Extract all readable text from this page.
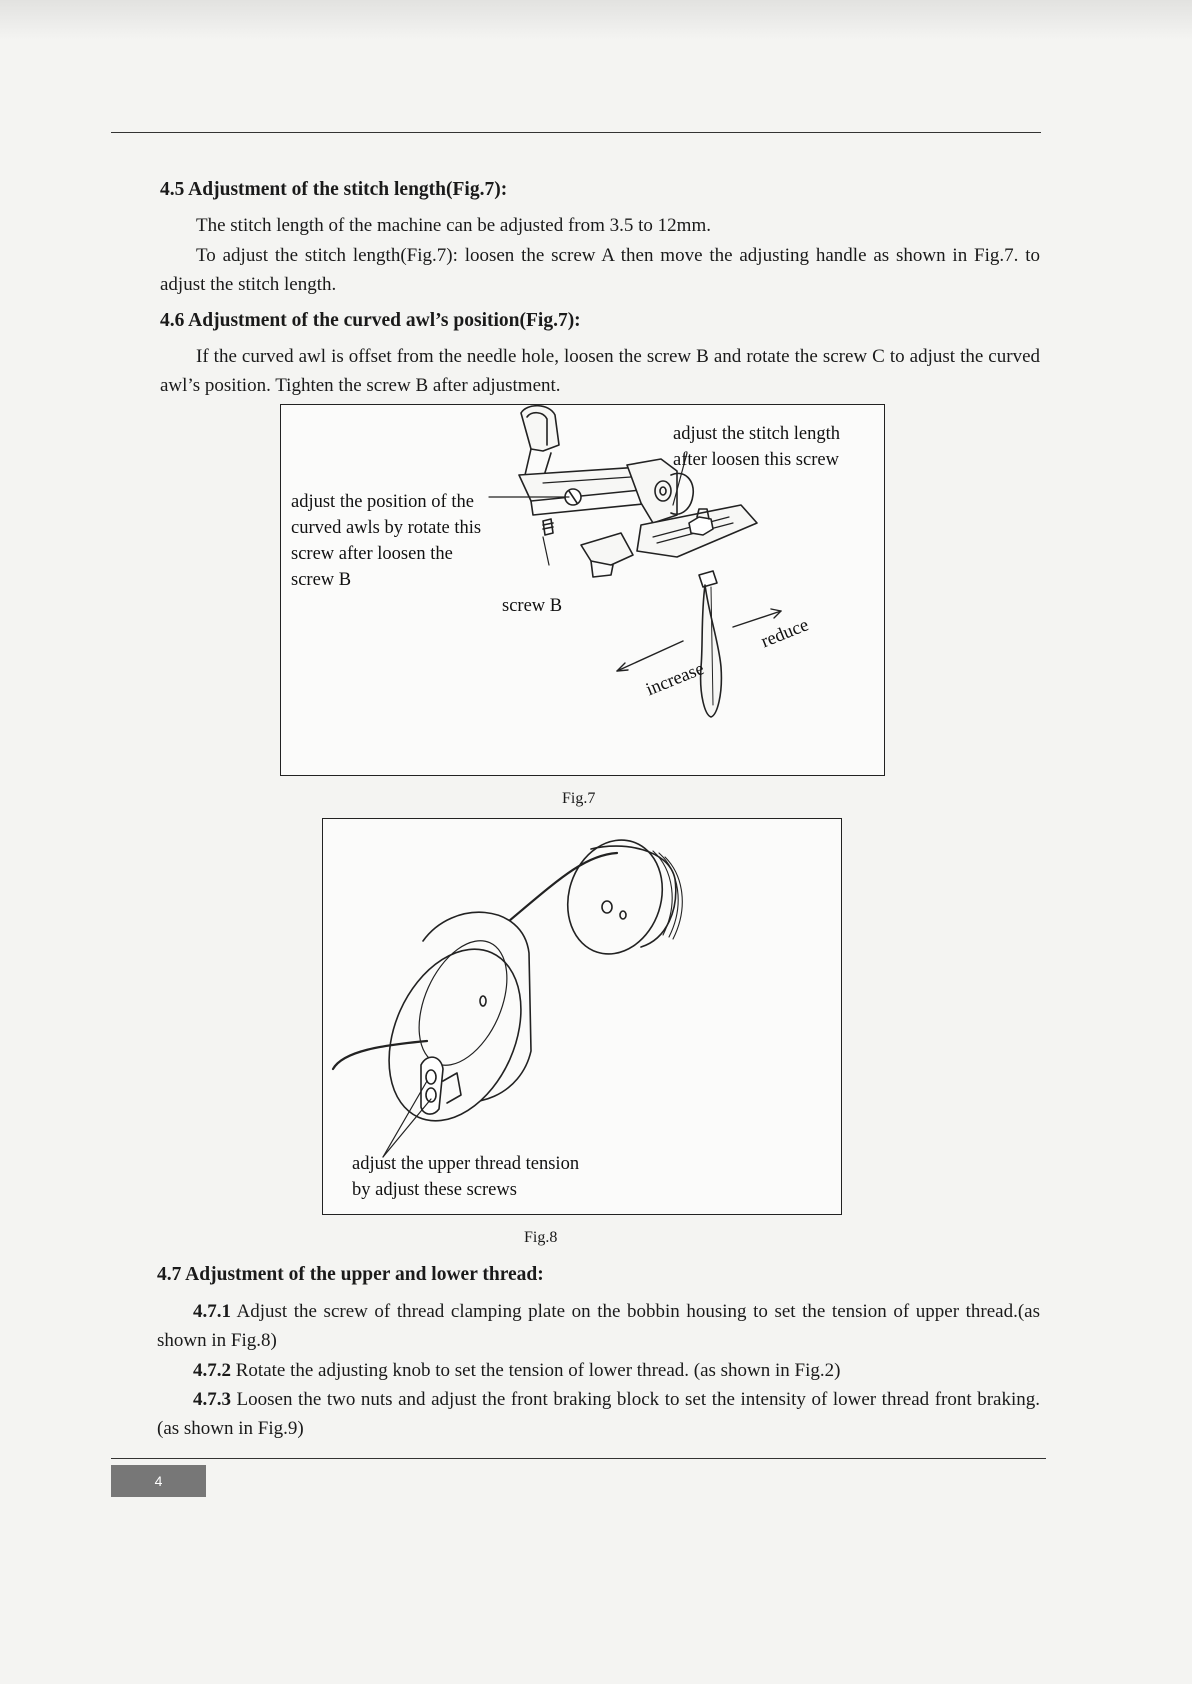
4.5 Adjustment of the stitch length(Fig.7):
The stitch length of the machine can be adjusted from 3.5 to 12mm.
To adjust the stitch length(Fig.7): loosen the screw A then move the adjusting handle as shown in Fig.7. to adjust the stitch length.
4.6 Adjustment of the curved awl’s position(Fig.7):
If the curved awl is offset from the needle hole, loosen the screw B and rotate the screw C to adjust the curved awl’s position. Tighten the screw B after adjustment.
adjust the stitch length
after loosen this screw
adjust the position of the
curved awls by rotate this
screw after loosen the
screw B
screw B
reduce
increase
Fig.7
adjust the upper thread tension
by adjust these screws
Fig.8
4.7 Adjustment of the upper and lower thread:
4.7.1 Adjust the screw of thread clamping plate on the bobbin housing to set the tension of upper thread.(as shown in Fig.8)
4.7.2 Rotate the adjusting knob to set the tension of lower thread. (as shown in Fig.2)
4.7.3 Loosen the two nuts and adjust the front braking block to set the intensity of lower thread front braking. (as shown in Fig.9)
4
